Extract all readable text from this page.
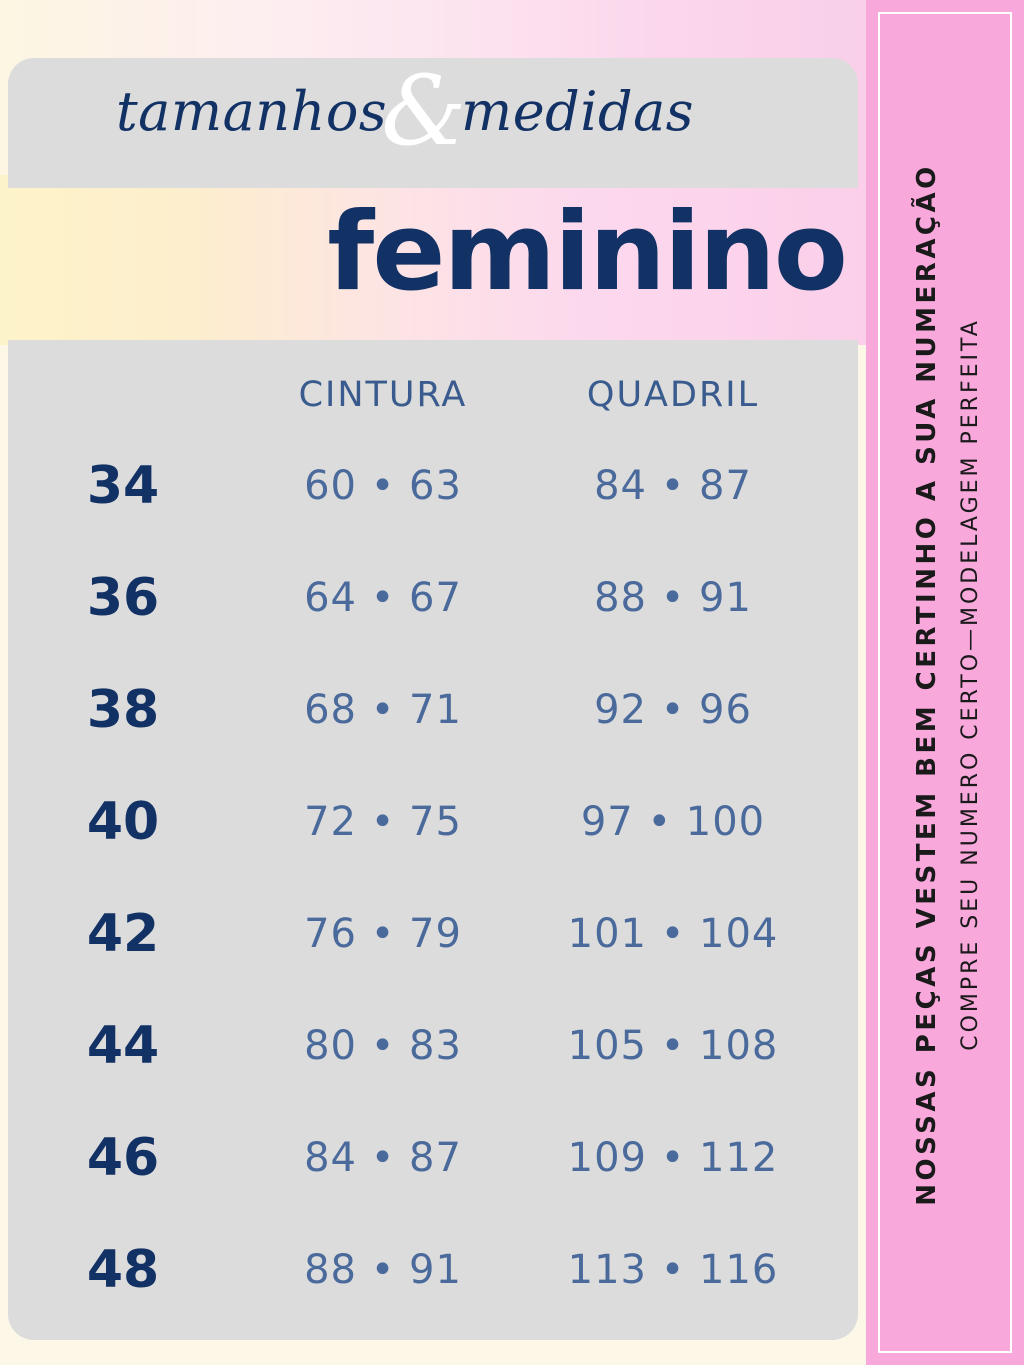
tamanhos&medidas
feminino
CINTURA	QUADRIL
34	60 • 63	84 • 87
36	64 • 67	88 • 91
38	68 • 71	92 • 96
40	72 • 75	97 • 100
42	76 • 79	101 • 104
44	80 • 83	105 • 108
46	84 • 87	109 • 112
48	88 • 91	113 • 116
NOSSAS PEÇAS VESTEM BEM CERTINHO A SUA NUMERAÇÃO COMPRE SEU NUMERO CERTO—MODELAGEM PERFEITA
